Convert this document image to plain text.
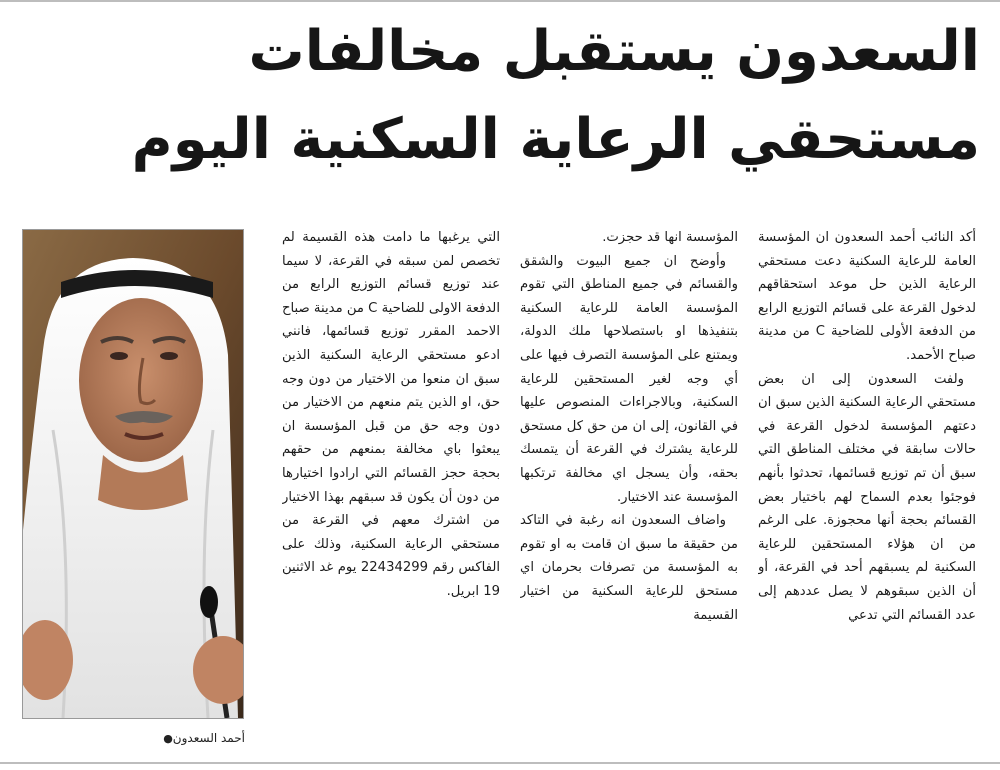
السعدون يستقبل مخالفات
مستحقي الرعاية السكنية اليوم

أكد النائب أحمد السعدون ان المؤسسة العامة للرعاية السكنية دعت مستحقي الرعاية الذين حل موعد استحقاقهم لدخول القرعة على قسائم التوزيع الرابع من الدفعة الأولى للضاحية C من مدينة صباح الأحمد.

ولفت السعدون إلى ان بعض مستحقي الرعاية السكنية الذين سبق ان دعتهم المؤسسة لدخول القرعة في حالات سابقة في مختلف المناطق التي سبق أن تم توزيع قسائمها، تحدثوا بأنهم فوجئوا بعدم السماح لهم باختيار بعض القسائم بحجة أنها محجوزة. على الرغم من ان هؤلاء المستحقين للرعاية السكنية لم يسبقهم أحد في القرعة، أو أن الذين سبقوهم لا يصل عددهم إلى عدد القسائم التي تدعي

المؤسسة انها قد حجزت.

وأوضح ان جميع البيوت والشقق والقسائم في جميع المناطق التي تقوم المؤسسة العامة للرعاية السكنية بتنفيذها او باستصلاحها ملك الدولة، ويمتنع على المؤسسة التصرف فيها على أي وجه لغير المستحقين للرعاية السكنية، وبالاجراءات المنصوص عليها في القانون، إلى ان من حق كل مستحق للرعاية يشترك في القرعة أن يتمسك بحقه، وأن يسجل اي مخالفة ترتكبها المؤسسة عند الاختيار.

واضاف السعدون انه رغبة في التاكد من حقيقة ما سبق ان قامت به او تقوم به المؤسسة من تصرفات بحرمان اي مستحق للرعاية السكنية من اختيار القسيمة

التي يرغبها ما دامت هذه القسيمة لم تخصص لمن سبقه في القرعة، لا سيما عند توزيع قسائم التوزيع الرابع من الدفعة الاولى للضاحية C من مدينة صباح الاحمد المقرر توزيع قسائمها، فانني ادعو مستحقي الرعاية السكنية الذين سبق ان منعوا من الاختيار من دون وجه حق، او الذين يتم منعهم من الاختيار من دون وجه حق من قبل المؤسسة ان يبعثوا باي مخالفة بمنعهم من حقهم بحجة حجز القسائم التي ارادوا اختيارها من دون أن يكون قد سبقهم بهذا الاختيار من اشترك معهم في القرعة من مستحقي الرعاية السكنية، وذلك على الفاكس رقم 22434299 يوم غد الاثنين 19 ابريل.

أحمد السعدون●
